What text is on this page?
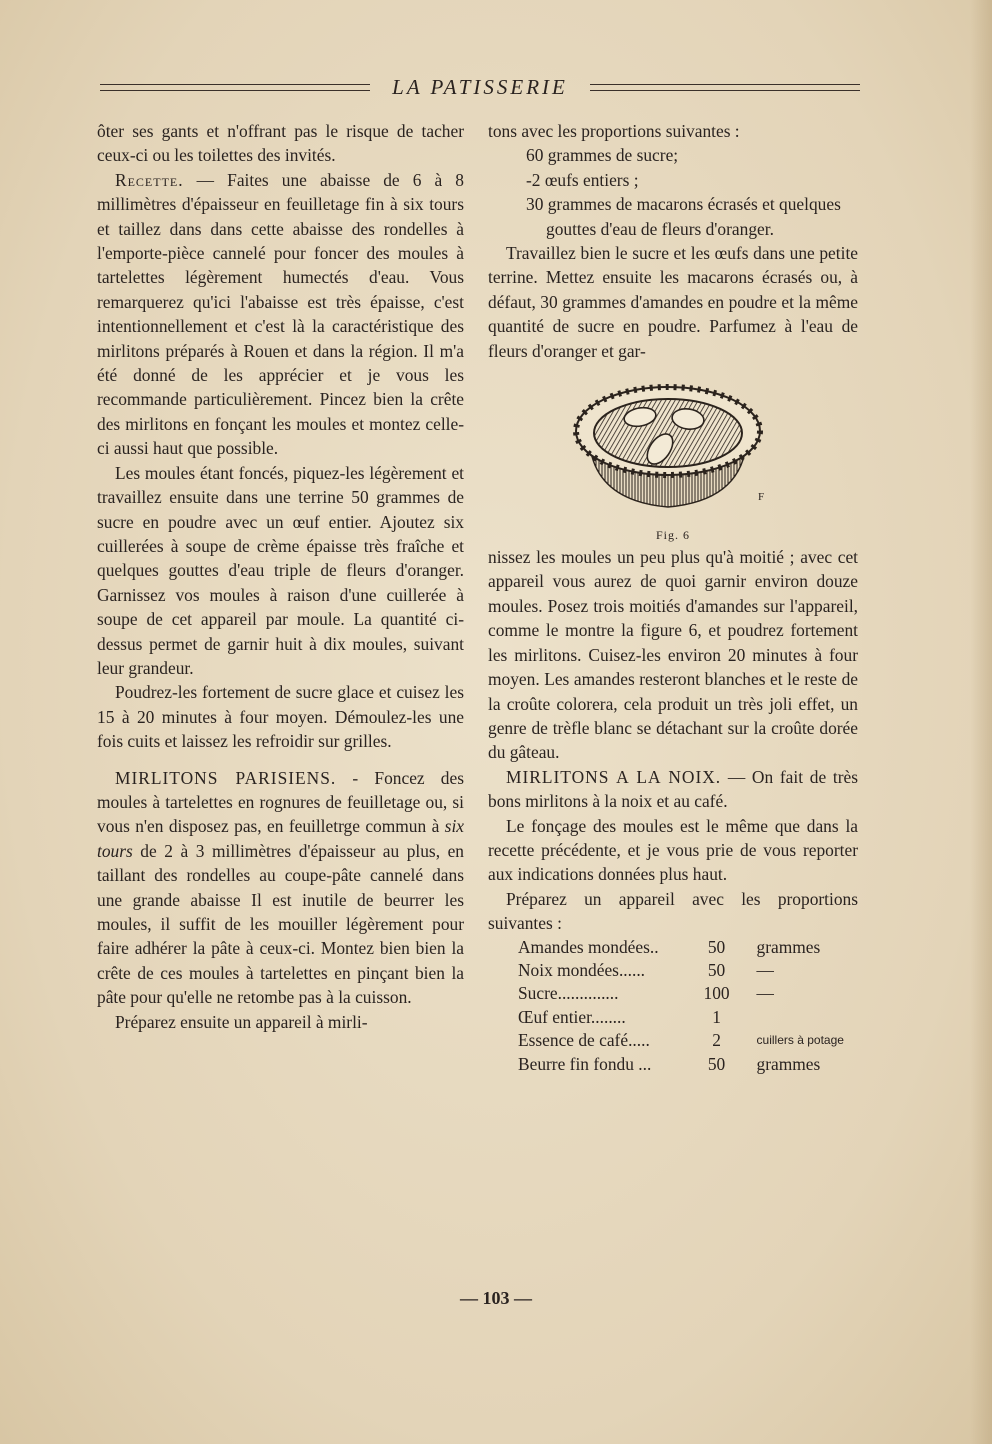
LA PATISSERIE

ôter ses gants et n'offrant pas le risque de tacher ceux-ci ou les toilettes des invités.

Recette. — Faites une abaisse de 6 à 8 millimètres d'épaisseur en feuilletage fin à six tours et taillez dans dans cette abaisse des rondelles à l'emporte-pièce cannelé pour foncer des moules à tartelettes légèrement humectés d'eau. Vous remarquerez qu'ici l'abaisse est très épaisse, c'est intentionnellement et c'est là la caractéristique des mirlitons préparés à Rouen et dans la région. Il m'a été donné de les apprécier et je vous les recommande particulièrement. Pincez bien la crête des mirlitons en fonçant les moules et montez celle-ci aussi haut que possible.

Les moules étant foncés, piquez-les légèrement et travaillez ensuite dans une terrine 50 grammes de sucre en poudre avec un œuf entier. Ajoutez six cuillerées à soupe de crème épaisse très fraîche et quelques gouttes d'eau triple de fleurs d'oranger. Garnissez vos moules à raison d'une cuillerée à soupe de cet appareil par moule. La quantité ci-dessus permet de garnir huit à dix moules, suivant leur grandeur.

Poudrez-les fortement de sucre glace et cuisez les 15 à 20 minutes à four moyen. Démoulez-les une fois cuits et laissez les refroidir sur grilles.

MIRLITONS PARISIENS. - Foncez des moules à tartelettes en rognures de feuilletage ou, si vous n'en disposez pas, en feuilletrge commun à six tours de 2 à 3 millimètres d'épaisseur au plus, en taillant des rondelles au coupe-pâte cannelé dans une grande abaisse Il est inutile de beurrer les moules, il suffit de les mouiller légèrement pour faire adhérer la pâte à ceux-ci. Montez bien bien la crête de ces moules à tartelettes en pinçant bien la pâte pour qu'elle ne retombe pas à la cuisson.

Préparez ensuite un appareil à mirli-

tons avec les proportions suivantes :

60 grammes de sucre;

-2 œufs entiers ;

30 grammes de macarons écrasés et quelques gouttes d'eau de fleurs d'oranger.

Travaillez bien le sucre et les œufs dans une petite terrine. Mettez ensuite les macarons écrasés ou, à défaut, 30 grammes d'amandes en poudre et la même quantité de sucre en poudre. Parfumez à l'eau de fleurs d'oranger et gar-

F
Fig. 6

nissez les moules un peu plus qu'à moitié ; avec cet appareil vous aurez de quoi garnir environ douze moules. Posez trois moitiés d'amandes sur l'appareil, comme le montre la figure 6, et poudrez fortement les mirlitons. Cuisez-les environ 20 minutes à four moyen. Les amandes resteront blanches et le reste de la croûte colorera, cela produit un très joli effet, un genre de trèfle blanc se détachant sur la croûte dorée du gâteau.

MIRLITONS A LA NOIX. — On fait de très bons mirlitons à la noix et au café.

Le fonçage des moules est le même que dans la recette précédente, et je vous prie de vous reporter aux indications données plus haut.

Préparez un appareil avec les proportions suivantes :

Amandes mondées..	50	grammes
Noix mondées......	50	—
Sucre..............	100	—
Œuf entier........	1	
Essence de café.....	2	cuillers à potage
Beurre fin fondu ...	50	grammes
— 103 —
